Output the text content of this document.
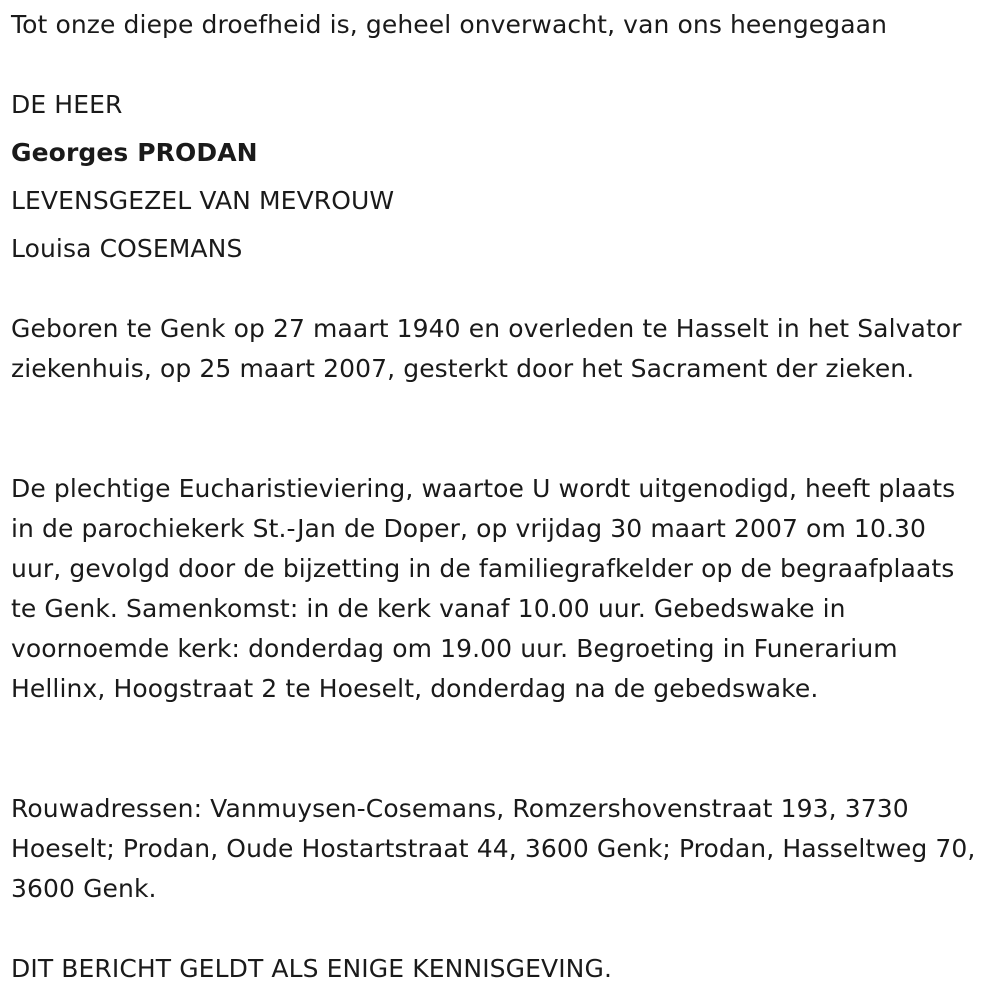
Tot onze diepe droefheid is, geheel onverwacht, van ons heengegaan
DE HEER
Georges PRODAN
LEVENSGEZEL VAN MEVROUW
Louisa COSEMANS
Geboren te Genk op 27 maart 1940 en overleden te Hasselt in het Salvator ziekenhuis, op 25 maart 2007, gesterkt door het Sacrament der zieken.
De plechtige Eucharistieviering, waartoe U wordt uitgenodigd, heeft plaats in de parochiekerk St.-Jan de Doper, op vrijdag 30 maart 2007 om 10.30 uur, gevolgd door de bijzetting in de familiegrafkelder op de begraafplaats te Genk. Samenkomst: in de kerk vanaf 10.00 uur. Gebedswake in voornoemde kerk: donderdag om 19.00 uur. Begroeting in Funerarium Hellinx, Hoogstraat 2 te Hoeselt, donderdag na de gebedswake.
Rouwadressen: Vanmuysen-Cosemans, Romzershovenstraat 193, 3730 Hoeselt; Prodan, Oude Hostartstraat 44, 3600 Genk; Prodan, Hasseltweg 70, 3600 Genk.
DIT BERICHT GELDT ALS ENIGE KENNISGEVING.
